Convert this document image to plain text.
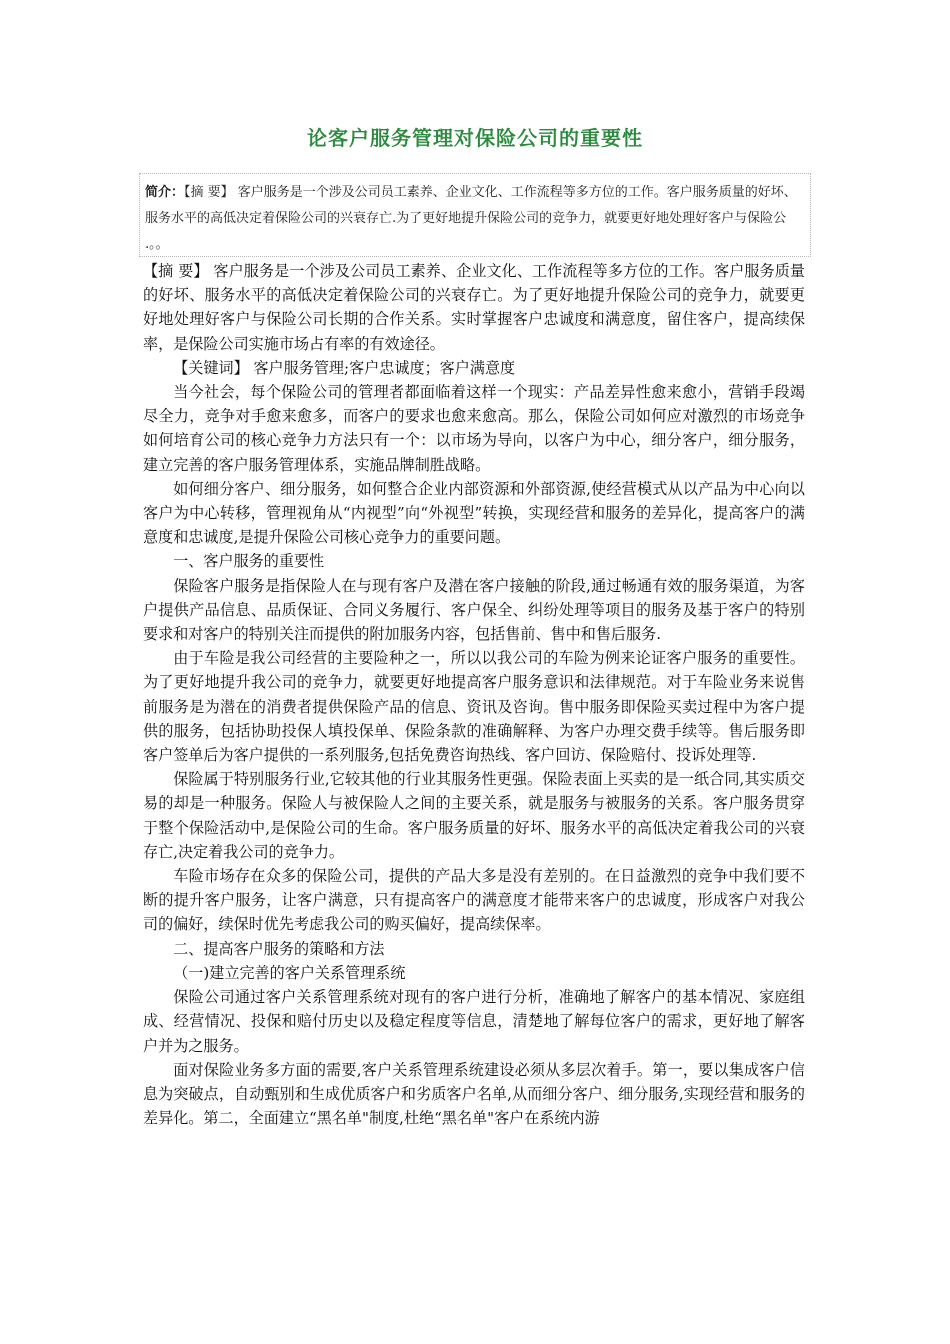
论客户服务管理对保险公司的重要性
简介：【摘 要】 客户服务是一个涉及公司员工素养、企业文化、工作流程等多方位的工作。客户服务质量的好坏、服务水平的高低决定着保险公司的兴衰存亡.为了更好地提升保险公司的竞争力，就要更好地处理好客户与保险公 .。。

【摘 要】 客户服务是一个涉及公司员工素养、企业文化、工作流程等多方位的工作。客户服务质量的好坏、服务水平的高低决定着保险公司的兴衰存亡。为了更好地提升保险公司的竞争力，就要更好地处理好客户与保险公司长期的合作关系。实时掌握客户忠诚度和满意度，留住客户，提高续保率，是保险公司实施市场占有率的有效途径。

【关键词】 客户服务管理;客户忠诚度；客户满意度

当今社会，每个保险公司的管理者都面临着这样一个现实：产品差异性愈来愈小，营销手段竭尽全力，竞争对手愈来愈多，而客户的要求也愈来愈高。那么，保险公司如何应对激烈的市场竞争如何培育公司的核心竞争力方法只有一个：以市场为导向，以客户为中心，细分客户，细分服务，建立完善的客户服务管理体系，实施品牌制胜战略。

如何细分客户、细分服务，如何整合企业内部资源和外部资源,使经营模式从以产品为中心向以客户为中心转移，管理视角从“内视型”向“外视型”转换，实现经营和服务的差异化，提高客户的满意度和忠诚度,是提升保险公司核心竞争力的重要问题。

一、客户服务的重要性

保险客户服务是指保险人在与现有客户及潜在客户接触的阶段,通过畅通有效的服务渠道，为客户提供产品信息、品质保证、合同义务履行、客户保全、纠纷处理等项目的服务及基于客户的特别要求和对客户的特别关注而提供的附加服务内容，包括售前、售中和售后服务.

由于车险是我公司经营的主要险种之一，所以以我公司的车险为例来论证客户服务的重要性。为了更好地提升我公司的竞争力，就要更好地提高客户服务意识和法律规范。对于车险业务来说售前服务是为潜在的消费者提供保险产品的信息、资讯及咨询。售中服务即保险买卖过程中为客户提供的服务，包括协助投保人填投保单、保险条款的准确解释、为客户办理交费手续等。售后服务即客户签单后为客户提供的一系列服务,包括免费咨询热线、客户回访、保险赔付、投诉处理等.

保险属于特别服务行业,它较其他的行业其服务性更强。保险表面上买卖的是一纸合同,其实质交易的却是一种服务。保险人与被保险人之间的主要关系，就是服务与被服务的关系。客户服务贯穿于整个保险活动中,是保险公司的生命。客户服务质量的好坏、服务水平的高低决定着我公司的兴衰存亡,决定着我公司的竞争力。

车险市场存在众多的保险公司，提供的产品大多是没有差别的。在日益激烈的竞争中我们要不断的提升客户服务，让客户满意，只有提高客户的满意度才能带来客户的忠诚度，形成客户对我公司的偏好，续保时优先考虑我公司的购买偏好，提高续保率。

二、提高客户服务的策略和方法

（一)建立完善的客户关系管理系统

保险公司通过客户关系管理系统对现有的客户进行分析，准确地了解客户的基本情况、家庭组成、经营情况、投保和赔付历史以及稳定程度等信息，清楚地了解每位客户的需求，更好地了解客户并为之服务。

面对保险业务多方面的需要,客户关系管理系统建设必须从多层次着手。第一，要以集成客户信息为突破点，自动甄别和生成优质客户和劣质客户名单,从而细分客户、细分服务,实现经营和服务的差异化。第二，全面建立“黑名单"制度,杜绝“黑名单"客户在系统内游
